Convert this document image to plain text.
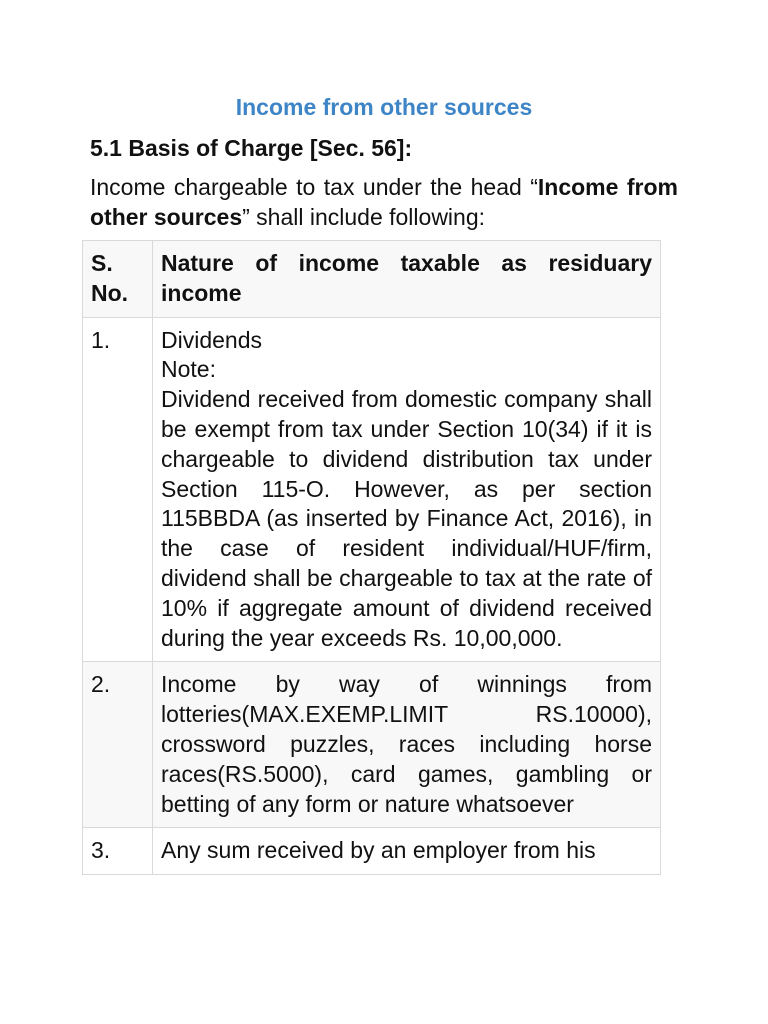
Income from other sources
5.1 Basis of Charge [Sec. 56]:

Income chargeable to tax under the head “Income from other sources” shall include following:

S. No.	Nature of income taxable as residuary income
1.	Dividends
Note:
Dividend received from domestic company shall be exempt from tax under Section 10(34) if it is chargeable to dividend distribution tax under Section 115-O. However, as per section 115BBDA (as inserted by Finance Act, 2016), in the case of resident individual/HUF/firm, dividend shall be chargeable to tax at the rate of 10% if aggregate amount of dividend received during the year exceeds Rs. 10,00,000.

2.	Income by way of winnings from lotteries(MAX.EXEMP.LIMIT RS.10000), crossword puzzles, races including horse races(RS.5000), card games, gambling or betting of any form or nature whatsoever

3.	Any sum received by an employer from his
